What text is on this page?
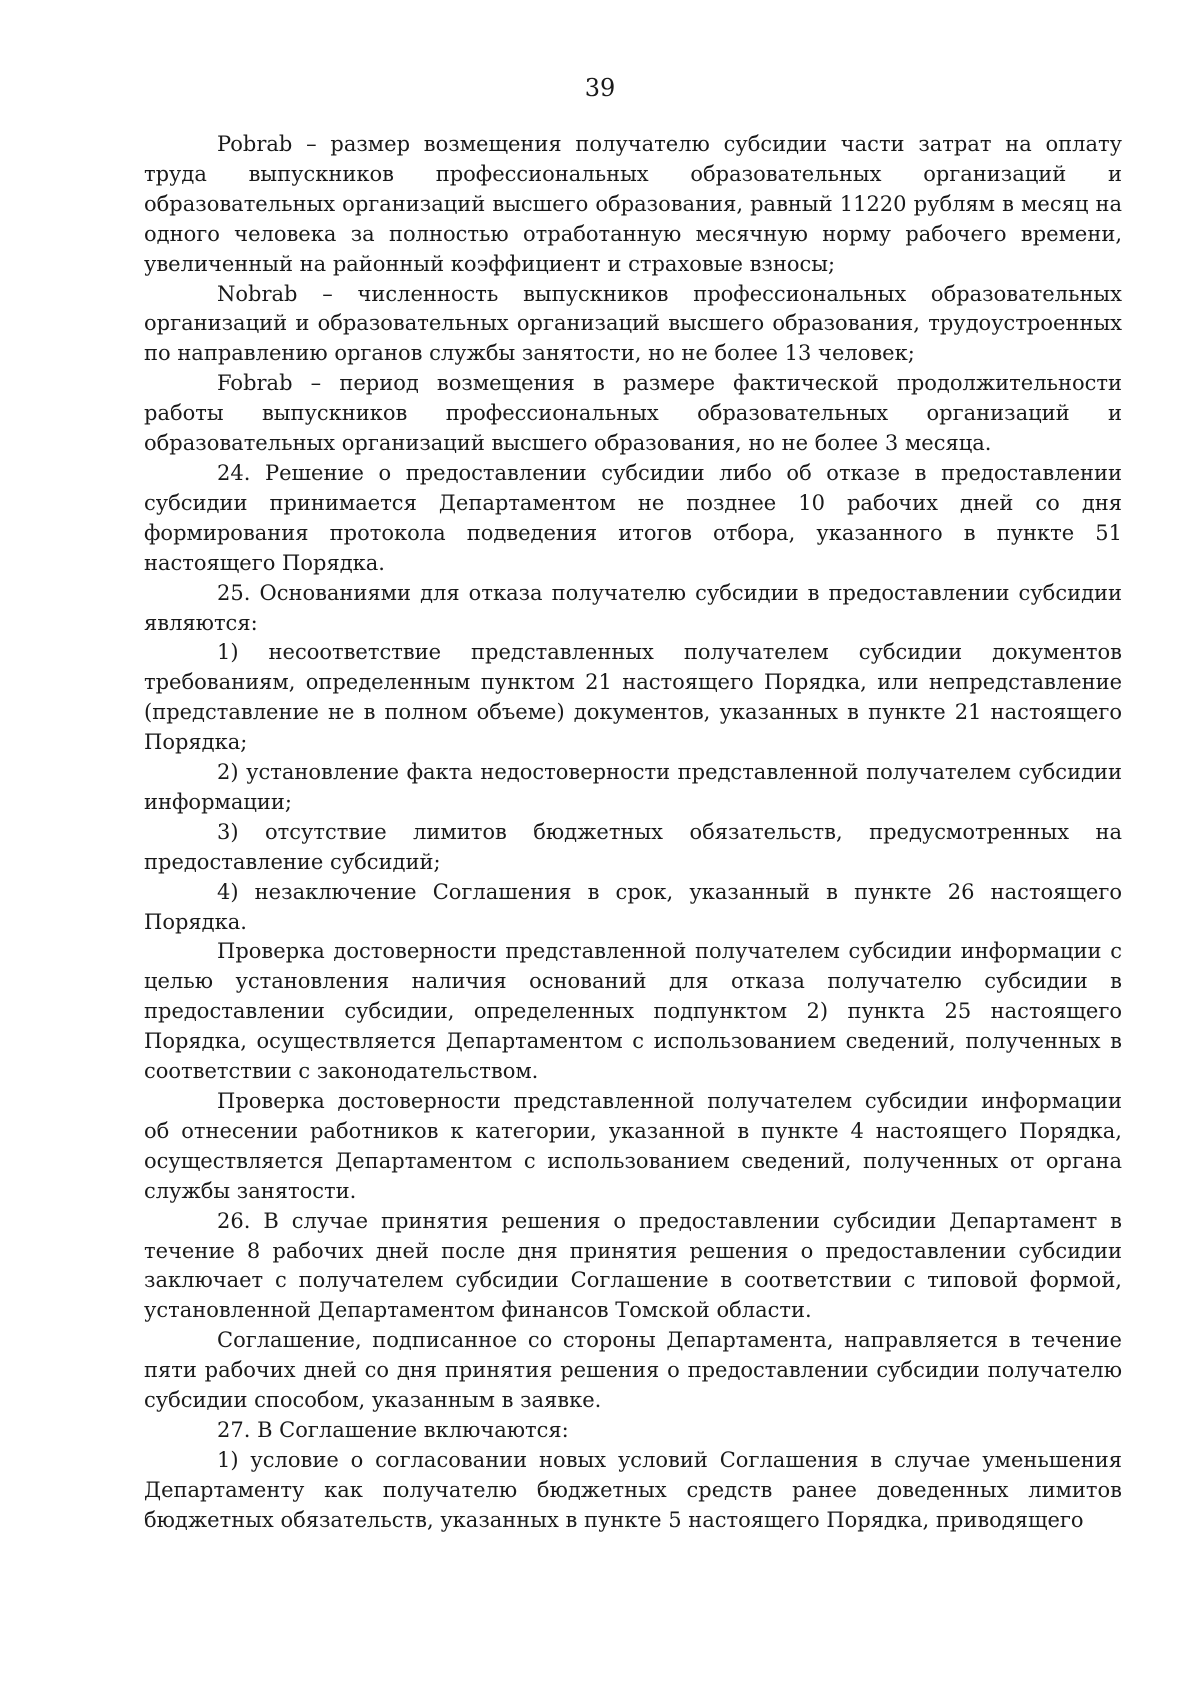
39

Pobrab – размер возмещения получателю субсидии части затрат на оплату труда выпускников профессиональных образовательных организаций и образовательных организаций высшего образования, равный 11220 рублям в месяц на одного человека за полностью отработанную месячную норму рабочего времени, увеличенный на районный коэффициент и страховые взносы;

Nobrab – численность выпускников профессиональных образовательных организаций и образовательных организаций высшего образования, трудоустроенных по направлению органов службы занятости, но не более 13 человек;

Fobrab – период возмещения в размере фактической продолжительности работы выпускников профессиональных образовательных организаций и образовательных организаций высшего образования, но не более 3 месяца.

24. Решение о предоставлении субсидии либо об отказе в предоставлении субсидии принимается Департаментом не позднее 10 рабочих дней со дня формирования протокола подведения итогов отбора, указанного в пункте 51 настоящего Порядка.

25. Основаниями для отказа получателю субсидии в предоставлении субсидии являются:

1) несоответствие представленных получателем субсидии документов требованиям, определенным пунктом 21 настоящего Порядка, или непредставление (представление не в полном объеме) документов, указанных в пункте 21 настоящего Порядка;

2) установление факта недостоверности представленной получателем субсидии информации;

3) отсутствие лимитов бюджетных обязательств, предусмотренных на предоставление субсидий;

4) незаключение Соглашения в срок, указанный в пункте 26 настоящего Порядка.

Проверка достоверности представленной получателем субсидии информации с целью установления наличия оснований для отказа получателю субсидии в предоставлении субсидии, определенных подпунктом 2) пункта 25 настоящего Порядка, осуществляется Департаментом с использованием сведений, полученных в соответствии с законодательством.

Проверка достоверности представленной получателем субсидии информации об отнесении работников к категории, указанной в пункте 4 настоящего Порядка, осуществляется Департаментом с использованием сведений, полученных от органа службы занятости.

26. В случае принятия решения о предоставлении субсидии Департамент в течение 8 рабочих дней после дня принятия решения о предоставлении субсидии заключает с получателем субсидии Соглашение в соответствии с типовой формой, установленной Департаментом финансов Томской области.

Соглашение, подписанное со стороны Департамента, направляется в течение пяти рабочих дней со дня принятия решения о предоставлении субсидии получателю субсидии способом, указанным в заявке.

27. В Соглашение включаются:

1) условие о согласовании новых условий Соглашения в случае уменьшения Департаменту как получателю бюджетных средств ранее доведенных лимитов бюджетных обязательств, указанных в пункте 5 настоящего Порядка, приводящего
